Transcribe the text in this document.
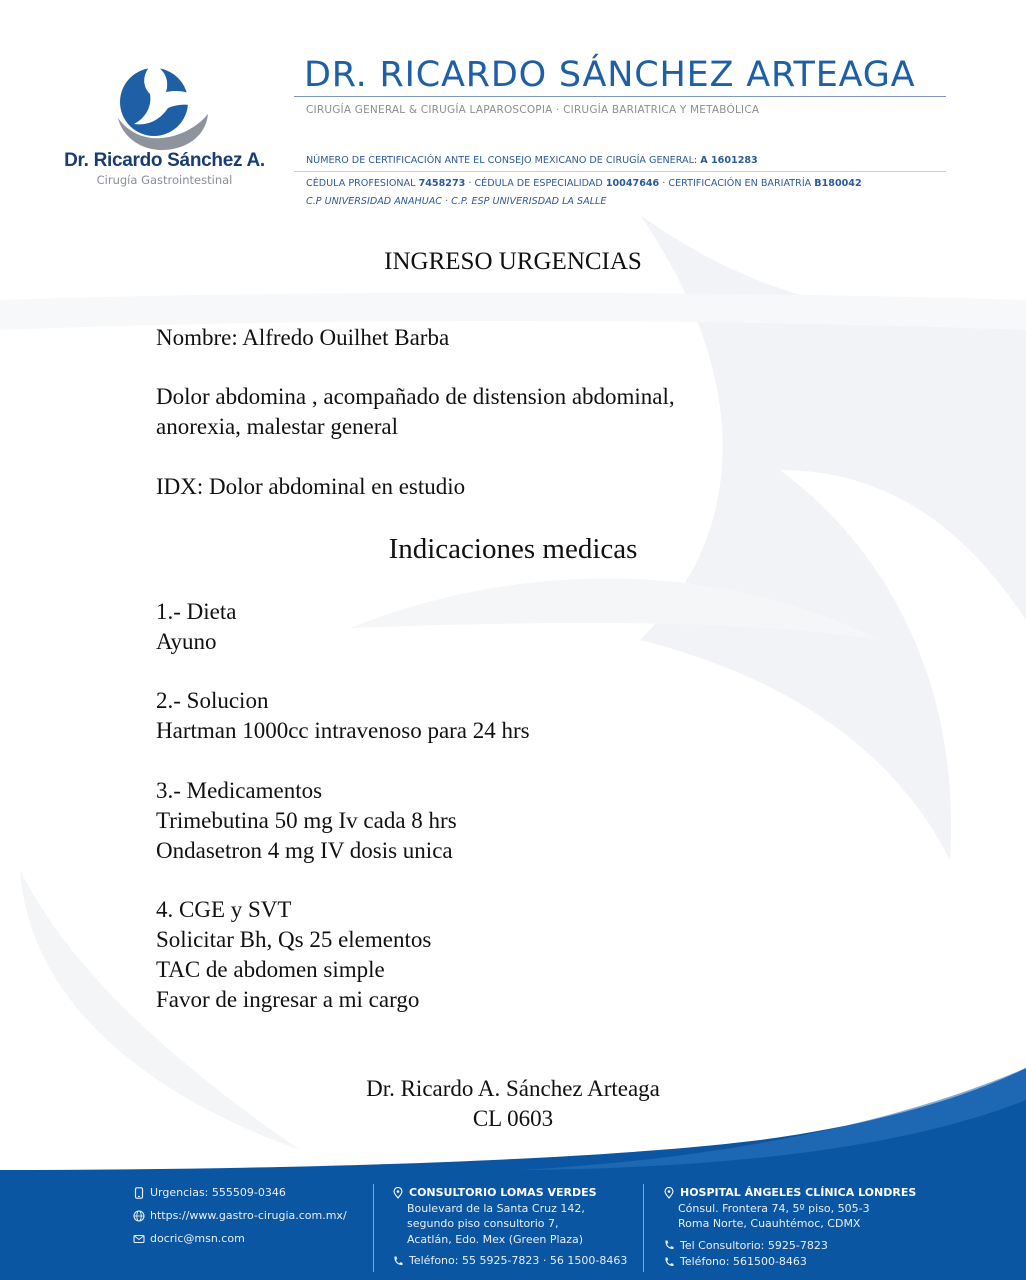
Dr. Ricardo Sánchez A.
Cirugía Gastrointestinal
DR. RICARDO SÁNCHEZ ARTEAGA
CIRUGÍA GENERAL & CIRUGÍA LAPAROSCOPIA · CIRUGÍA BARIATRICA Y METABÓLICA
NÚMERO DE CERTIFICACIÓN ANTE EL CONSEJO MEXICANO DE CIRUGÍA GENERAL: A 1601283
CÉDULA PROFESIONAL 7458273 · CÉDULA DE ESPECIALIDAD 10047646 · CERTIFICACIÓN EN BARIATRÍA B180042
C.P UNIVERSIDAD ANAHUAC · C.P. ESP UNIVERISDAD LA SALLE
INGRESO URGENCIAS
Nombre: Alfredo Ouilhet Barba
Dolor abdomina , acompañado de distension abdominal,
anorexia, malestar general
IDX: Dolor abdominal en estudio
Indicaciones medicas
1.- Dieta
Ayuno
2.- Solucion
Hartman 1000cc intravenoso para 24 hrs
3.- Medicamentos
Trimebutina 50 mg Iv cada 8 hrs
Ondasetron 4 mg IV dosis unica
4. CGE y SVT
Solicitar Bh, Qs 25 elementos
TAC de abdomen simple
Favor de ingresar a mi cargo
Dr. Ricardo A. Sánchez Arteaga
CL 0603
Urgencias: 555509-0346
https://www.gastro-cirugia.com.mx/
docric@msn.com
CONSULTORIO LOMAS VERDES
Boulevard de la Santa Cruz 142,
segundo piso consultorio 7,
Acatlán, Edo. Mex (Green Plaza)
Teléfono: 55 5925-7823 · 56 1500-8463
HOSPITAL ÁNGELES CLÍNICA LONDRES
Cónsul. Frontera 74, 5º piso, 505-3
Roma Norte, Cuauhtémoc, CDMX
Tel Consultorio: 5925-7823
Teléfono: 561500-8463
